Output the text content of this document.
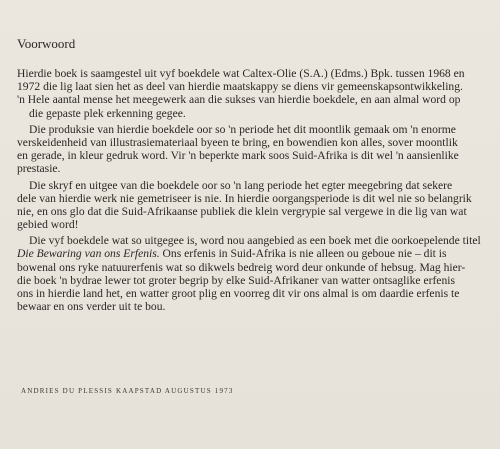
Voorwoord
Hierdie boek is saamgestel uit vyf boekdele wat Caltex-Olie (S.A.) (Edms.) Bpk. tussen 1968 en
1972 die lig laat sien het as deel van hierdie maatskappy se diens vir gemeenskapsontwikkeling.
'n Hele aantal mense het meegewerk aan die sukses van hierdie boekdele, en aan almal word op
die gepaste plek erkenning gegee.
Die produksie van hierdie boekdele oor so 'n periode het dit moontlik gemaak om 'n enorme
verskeidenheid van illustrasiemateriaal byeen te bring, en bowendien kon alles, sover moontlik
en gerade, in kleur gedruk word. Vir 'n beperkte mark soos Suid-Afrika is dit wel 'n aansienlike
prestasie.
Die skryf en uitgee van die boekdele oor so 'n lang periode het egter meegebring dat sekere
dele van hierdie werk nie gemetriseer is nie. In hierdie oorgangsperiode is dit wel nie so belangrik
nie, en ons glo dat die Suid-Afrikaanse publiek die klein vergrypie sal vergewe in die lig van wat
gebied word!
Die vyf boekdele wat so uitgegee is, word nou aangebied as een boek met die oorkoepelende titel
Die Bewaring van ons Erfenis. Ons erfenis in Suid-Afrika is nie alleen ou geboue nie – dit is
bowenal ons ryke natuurerfenis wat so dikwels bedreig word deur onkunde of hebsug. Mag hier-
die boek 'n bydrae lewer tot groter begrip by elke Suid-Afrikaner van watter ontsaglike erfenis
ons in hierdie land het, en watter groot plig en voorreg dit vir ons almal is om daardie erfenis te
bewaar en ons verder uit te bou.
ANDRIES DU PLESSIS KAAPSTAD AUGUSTUS 1973
